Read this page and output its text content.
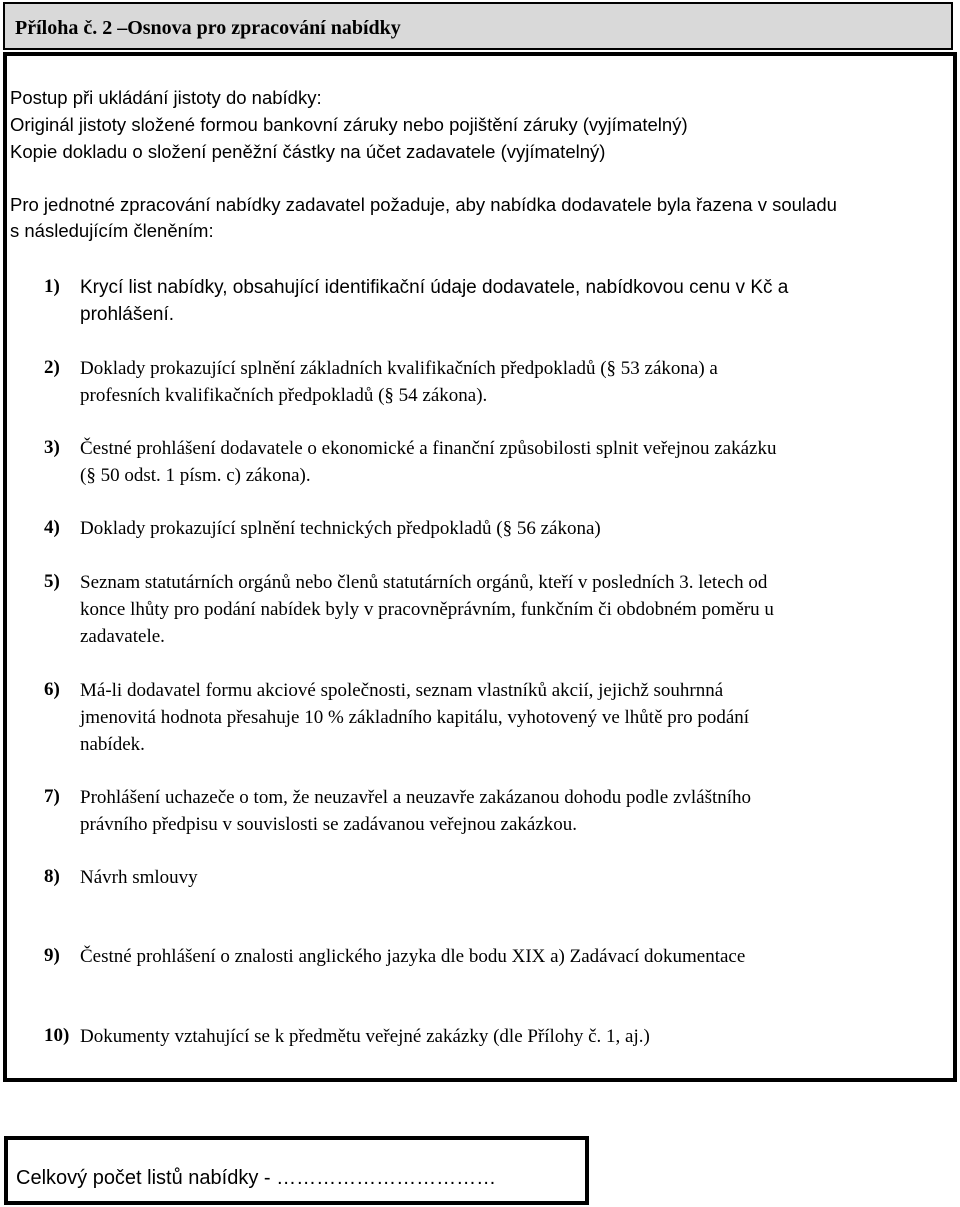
Příloha č. 2 –Osnova pro zpracování nabídky
Postup při ukládání jistoty do nabídky:
Originál jistoty složené formou bankovní záruky nebo pojištění záruky (vyjímatelný)
Kopie dokladu o složení peněžní částky na účet zadavatele (vyjímatelný)
Pro jednotné zpracování nabídky zadavatel požaduje, aby nabídka dodavatele byla řazena v souladu
s následujícím členěním:
1) Krycí list nabídky, obsahující identifikační údaje dodavatele, nabídkovou cenu v Kč a
prohlášení.
2) Doklady prokazující splnění základních kvalifikačních předpokladů (§ 53 zákona) a
profesních kvalifikačních předpokladů (§ 54 zákona).
3) Čestné prohlášení dodavatele o ekonomické a finanční způsobilosti splnit veřejnou zakázku
(§ 50 odst. 1 písm. c) zákona).
4) Doklady prokazující splnění technických předpokladů (§ 56 zákona)
5) Seznam statutárních orgánů nebo členů statutárních orgánů, kteří v posledních 3. letech od
konce lhůty pro podání nabídek byly v pracovněprávním, funkčním či obdobném poměru u
zadavatele.
6) Má-li dodavatel formu akciové společnosti, seznam vlastníků akcií, jejichž souhrnná
jmenovitá hodnota přesahuje 10 % základního kapitálu, vyhotovený ve lhůtě pro podání
nabídek.
7) Prohlášení uchazeče o tom, že neuzavřel a neuzavře zakázanou dohodu podle zvláštního
právního předpisu v souvislosti se zadávanou veřejnou zakázkou.
8) Návrh smlouvy
9) Čestné prohlášení o znalosti anglického jazyka dle bodu XIX a) Zadávací dokumentace
10) Dokumenty vztahující se k předmětu veřejné zakázky (dle Přílohy č. 1, aj.)
Celkový počet listů nabídky - ……………………………
